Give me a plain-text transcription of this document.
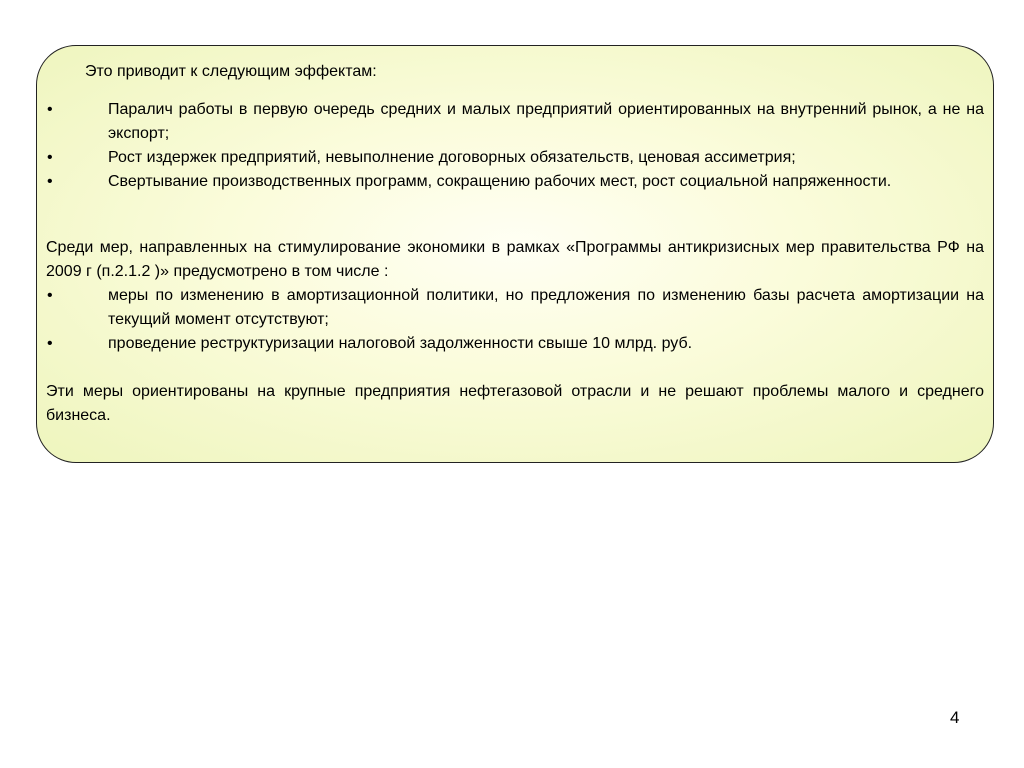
Это приводит к следующим эффектам:
•	Паралич работы в первую очередь средних и малых предприятий ориентированных на внутренний рынок, а не на экспорт;
•	Рост издержек предприятий, невыполнение договорных обязательств, ценовая ассиметрия;
•	Свертывание производственных программ, сокращению рабочих мест, рост социальной напряженности.

Среди мер, направленных на стимулирование экономики в рамках «Программы антикризисных мер правительства РФ на 2009 г (п.2.1.2 )» предусмотрено в том числе :

•	меры по изменению в амортизационной политики, но предложения по изменению базы расчета амортизации на текущий момент отсутствуют;
•	проведение реструктуризации налоговой задолженности свыше 10 млрд. руб.

Эти меры ориентированы на крупные предприятия нефтегазовой отрасли и не решают проблемы малого и среднего бизнеса.

4
